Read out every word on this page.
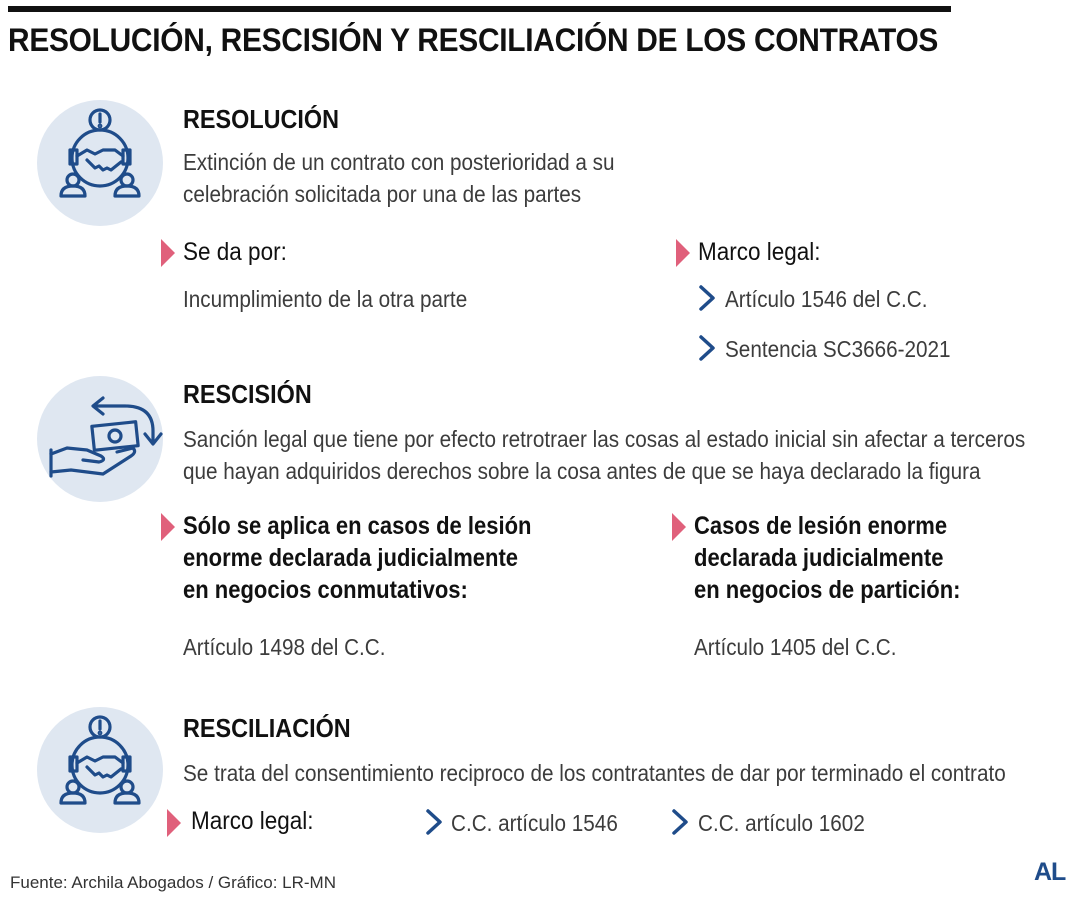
RESOLUCIÓN, RESCISIÓN Y RESCILIACIÓN DE LOS CONTRATOS
RESOLUCIÓN
Extinción de un contrato con posterioridad a su
celebración solicitada por una de las partes
Se da por:
Incumplimiento de la otra parte
Marco legal:
Artículo 1546 del C.C.
Sentencia SC3666-2021
RESCISIÓN
Sanción legal que tiene por efecto retrotraer las cosas al estado inicial sin afectar a terceros
que hayan adquiridos derechos sobre la cosa antes de que se haya declarado la figura
Sólo se aplica en casos de lesión
enorme declarada judicialmente
en negocios conmutativos:
Artículo 1498 del C.C.
Casos de lesión enorme
declarada judicialmente
en negocios de partición:
Artículo 1405 del C.C.
RESCILIACIÓN
Se trata del consentimiento reciproco de los contratantes de dar por terminado el contrato
Marco legal:	C.C. artículo 1546	C.C. artículo 1602
Fuente: Archila Abogados / Gráfico: LR-MN	AL
